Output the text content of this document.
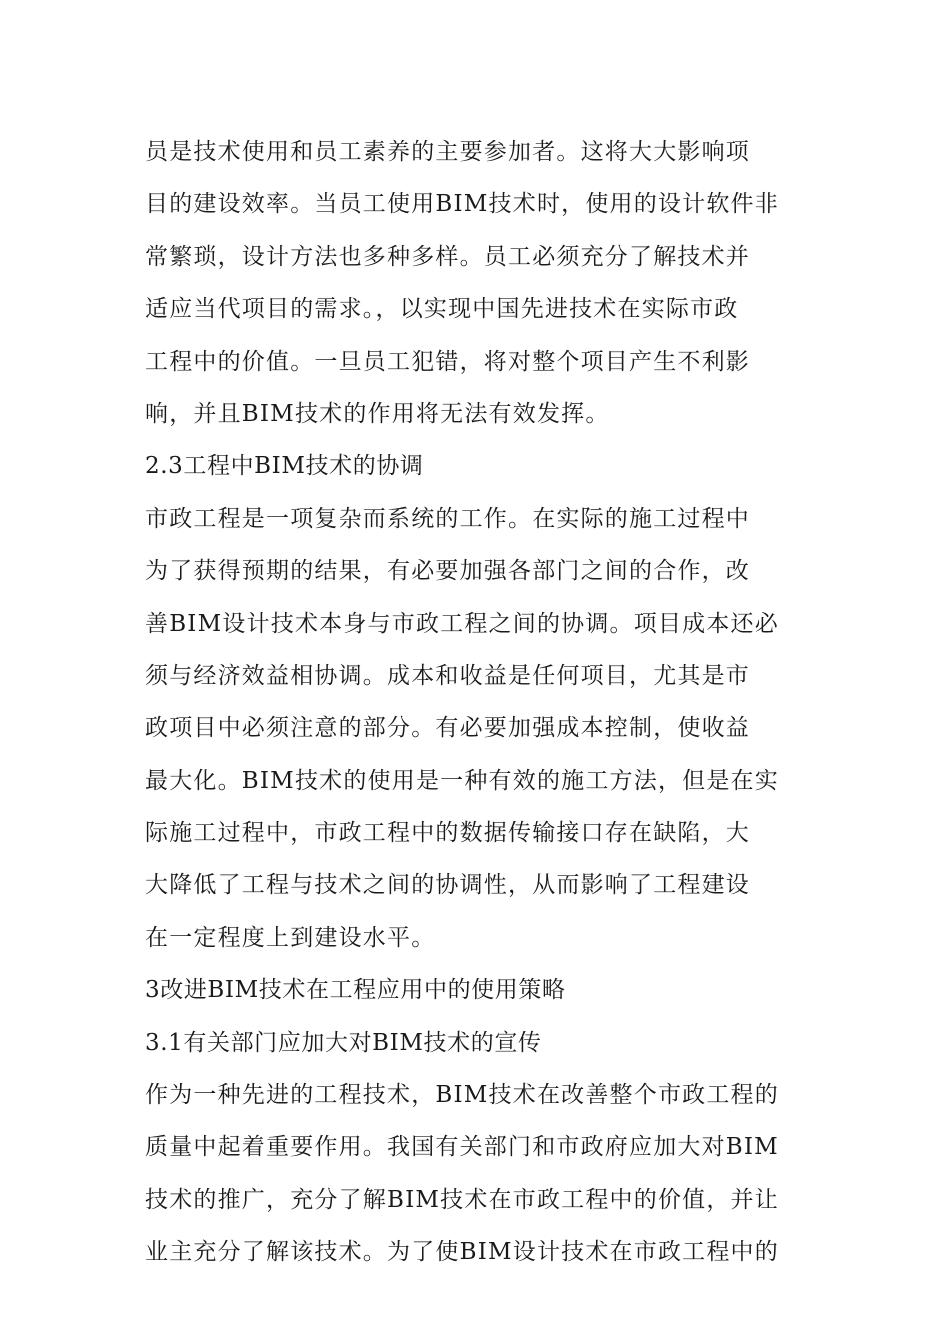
员是技术使用和员工素养的主要参加者。这将大大影响项
目的建设效率。当员工使用BIM技术时，使用的设计软件非
常繁琐，设计方法也多种多样。员工必须充分了解技术并
适应当代项目的需求。，以实现中国先进技术在实际市政
工程中的价值。一旦员工犯错，将对整个项目产生不利影
响，并且BIM技术的作用将无法有效发挥。
2.3工程中BIM技术的协调
市政工程是一项复杂而系统的工作。在实际的施工过程中
为了获得预期的结果，有必要加强各部门之间的合作，改
善BIM设计技术本身与市政工程之间的协调。项目成本还必
须与经济效益相协调。成本和收益是任何项目，尤其是市
政项目中必须注意的部分。有必要加强成本控制，使收益
最大化。BIM技术的使用是一种有效的施工方法，但是在实
际施工过程中，市政工程中的数据传输接口存在缺陷，大
大降低了工程与技术之间的协调性，从而影响了工程建设
在一定程度上到建设水平。
3改进BIM技术在工程应用中的使用策略
3.1有关部门应加大对BIM技术的宣传
作为一种先进的工程技术，BIM技术在改善整个市政工程的
质量中起着重要作用。我国有关部门和市政府应加大对BIM
技术的推广，充分了解BIM技术在市政工程中的价值，并让
业主充分了解该技术。为了使BIM设计技术在市政工程中的
